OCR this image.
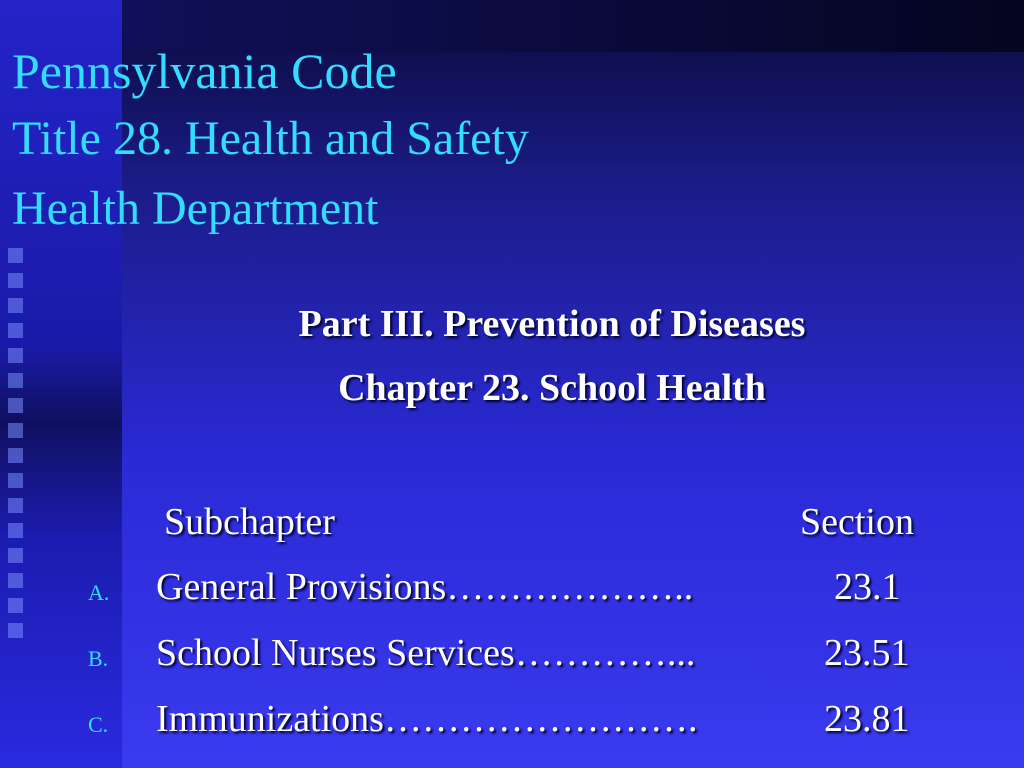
Pennsylvania Code
Title 28. Health and Safety
Health Department
Part III. Prevention of Diseases
Chapter 23. School Health
Subchapter	Section
A. General Provisions………………..	23.1
B. School Nurses Services…………...	23.51
C. Immunizations…………………….	23.81
